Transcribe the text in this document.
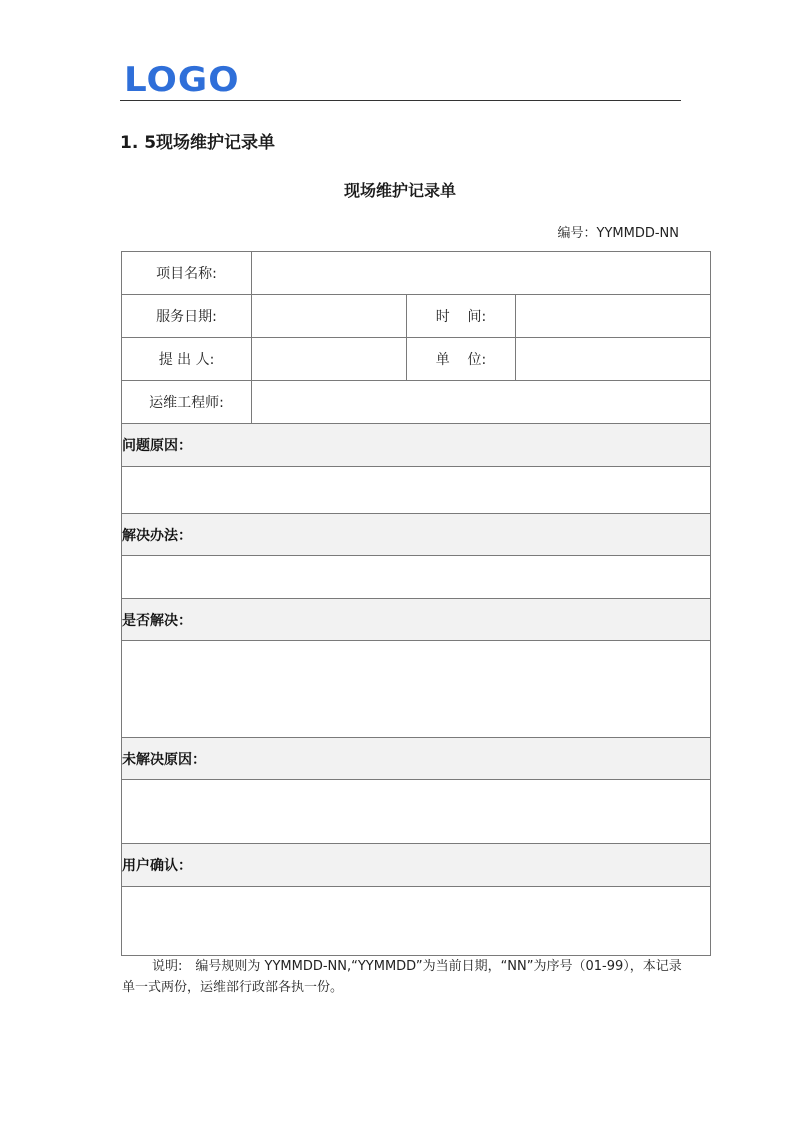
LOGO
1. 5现场维护记录单
现场维护记录单
编号：YYMMDD-NN
项目名称:			
服务日期:		时    间:	
提 出 人:		单    位:	
运维工程师:			
问题原因：			

解决办法：			

是否解决：			

未解决原因：			

用户确认：			

说明:　编号规则为 YYMMDD-NN,“YYMMDD”为当前日期，“NN”为序号（01-99），本记录单一式两份，运维部行政部各执一份。
